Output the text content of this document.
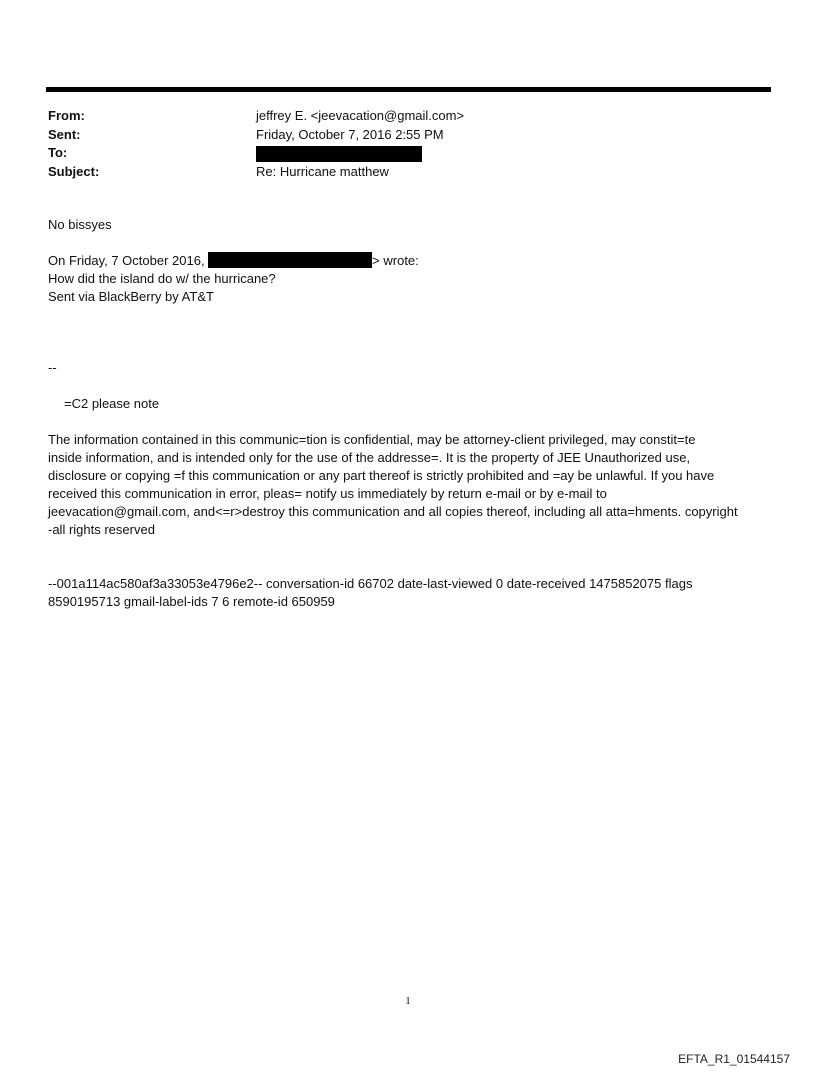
From:	jeffrey E. <jeevacation@gmail.com>
Sent:	Friday, October 7, 2016 2:55 PM
To:
Subject:	Re: Hurricane matthew
No bissyes
On Friday, 7 October 2016,	> wrote:
How did the island do w/ the hurricane?
Sent via BlackBerry by AT&T
--
=C2 please note

The information contained in this communic=tion is confidential, may be attorney-client privileged, may constit=te

inside information, and is intended only for the use of the addresse=. It is the property of JEE Unauthorized use,

disclosure or copying =f this communication or any part thereof is strictly prohibited and =ay be unlawful. If you have

received this communication in error, pleas= notify us immediately by return e-mail or by e-mail to

jeevacation@gmail.com, and<=r>destroy this communication and all copies thereof, including all atta=hments. copyright

-all rights reserved

--001a114ac580af3a33053e4796e2-- conversation-id 66702 date-last-viewed 0 date-received 1475852075 flags

8590195713 gmail-label-ids 7 6 remote-id 650959

1
EFTA_R1_01544157
